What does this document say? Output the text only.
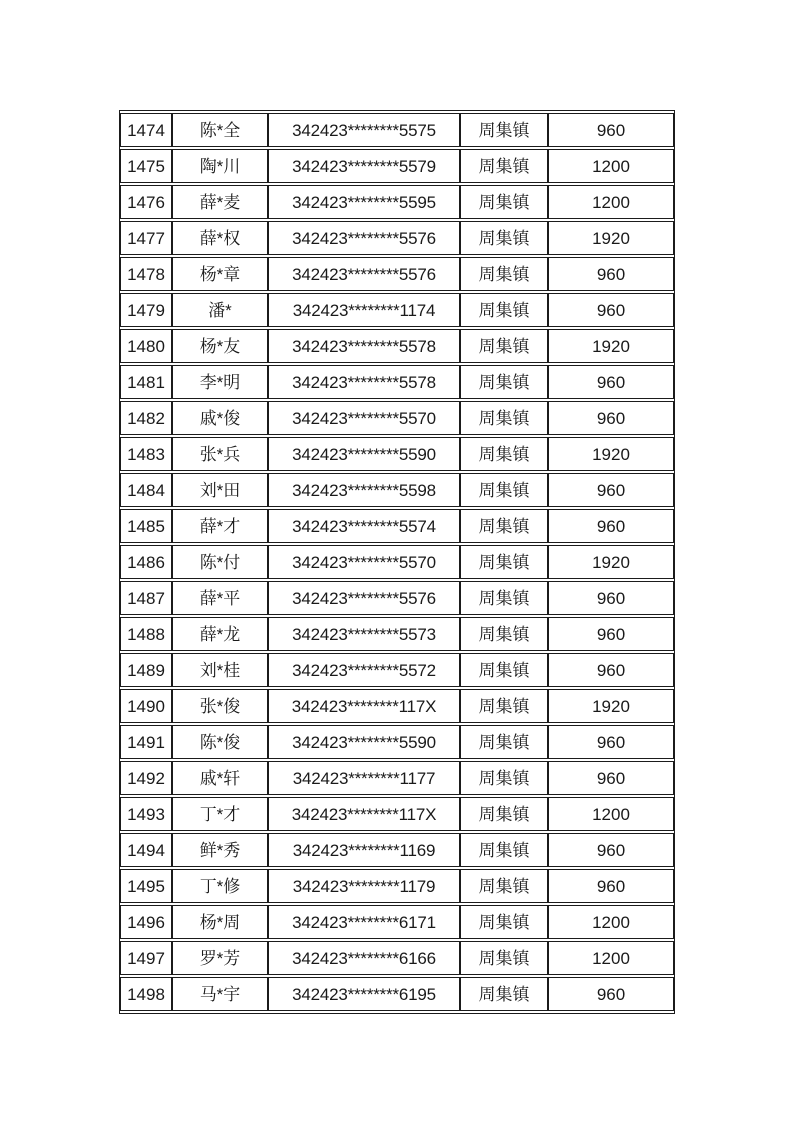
1474	陈*全	342423********5575	周集镇	960
1475	陶*川	342423********5579	周集镇	1200
1476	薛*麦	342423********5595	周集镇	1200
1477	薛*权	342423********5576	周集镇	1920
1478	杨*章	342423********5576	周集镇	960
1479	潘*	342423********1174	周集镇	960
1480	杨*友	342423********5578	周集镇	1920
1481	李*明	342423********5578	周集镇	960
1482	戚*俊	342423********5570	周集镇	960
1483	张*兵	342423********5590	周集镇	1920
1484	刘*田	342423********5598	周集镇	960
1485	薛*才	342423********5574	周集镇	960
1486	陈*付	342423********5570	周集镇	1920
1487	薛*平	342423********5576	周集镇	960
1488	薛*龙	342423********5573	周集镇	960
1489	刘*桂	342423********5572	周集镇	960
1490	张*俊	342423********117X	周集镇	1920
1491	陈*俊	342423********5590	周集镇	960
1492	戚*轩	342423********1177	周集镇	960
1493	丁*才	342423********117X	周集镇	1200
1494	鲜*秀	342423********1169	周集镇	960
1495	丁*修	342423********1179	周集镇	960
1496	杨*周	342423********6171	周集镇	1200
1497	罗*芳	342423********6166	周集镇	1200
1498	马*宇	342423********6195	周集镇	960
